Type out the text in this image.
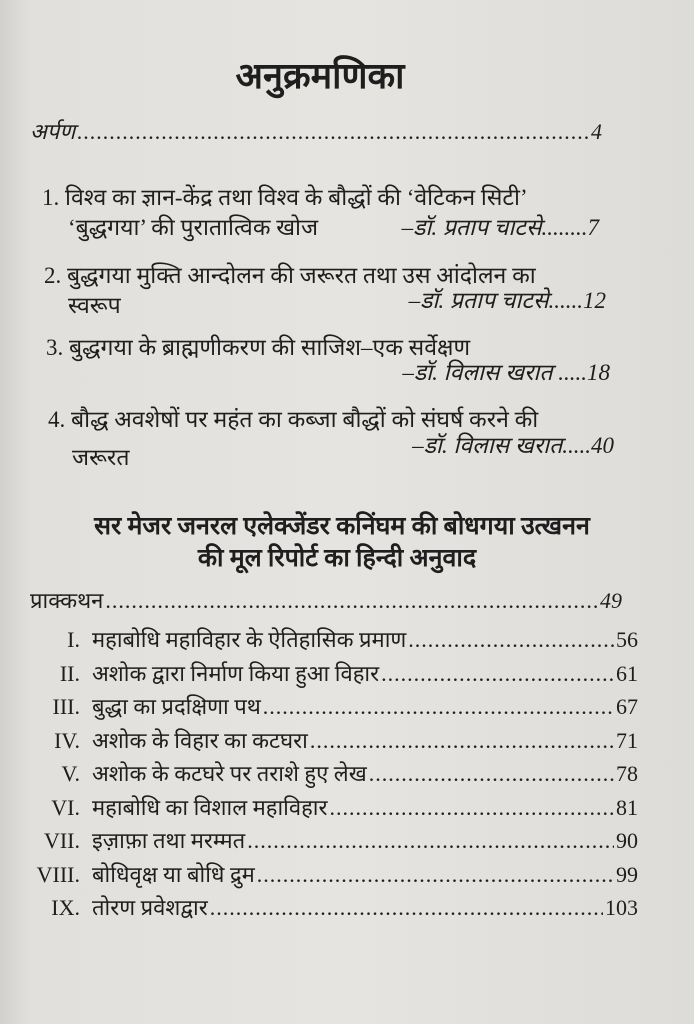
अनुक्रमणिका
अर्पण .....	4
1. विश्व का ज्ञान-केंद्र तथा विश्व के बौद्धों की ‘वेटिकन सिटी’
‘बुद्धगया’ की पुरातात्विक खोज	–डॉ. प्रताप चाटसे........7
2. बुद्धगया मुक्ति आन्दोलन की जरूरत तथा उस आंदोलन का
स्वरूप	–डॉ. प्रताप चाटसे......12
3. बुद्धगया के ब्राह्मणीकरण की साजिश–एक सर्वेक्षण
–डॉ. विलास खरात .....18
4. बौद्ध अवशेषों पर महंत का कब्जा बौद्धों को संघर्ष करने की
जरूरत	–डॉ. विलास खरात.....40
सर मेजर जनरल एलेक्जेंडर कनिंघम की बोधगया उत्खनन
की मूल रिपोर्ट का हिन्दी अनुवाद
प्राक्कथन .....	49
I. महाबोधि महाविहार के ऐतिहासिक प्रमाण .....	56
II. अशोक द्वारा निर्माण किया हुआ विहार .....	61
III. बुद्धा का प्रदक्षिणा पथ .....	67
IV. अशोक के विहार का कटघरा .....	71
V. अशोक के कटघरे पर तराशे हुए लेख .....	78
VI. महाबोधि का विशाल महाविहार .....	81
VII. इज़ाफ़ा तथा मरम्मत .....	90
VIII. बोधिवृक्ष या बोधि द्रुम .....	99
IX. तोरण प्रवेशद्वार .....	103
